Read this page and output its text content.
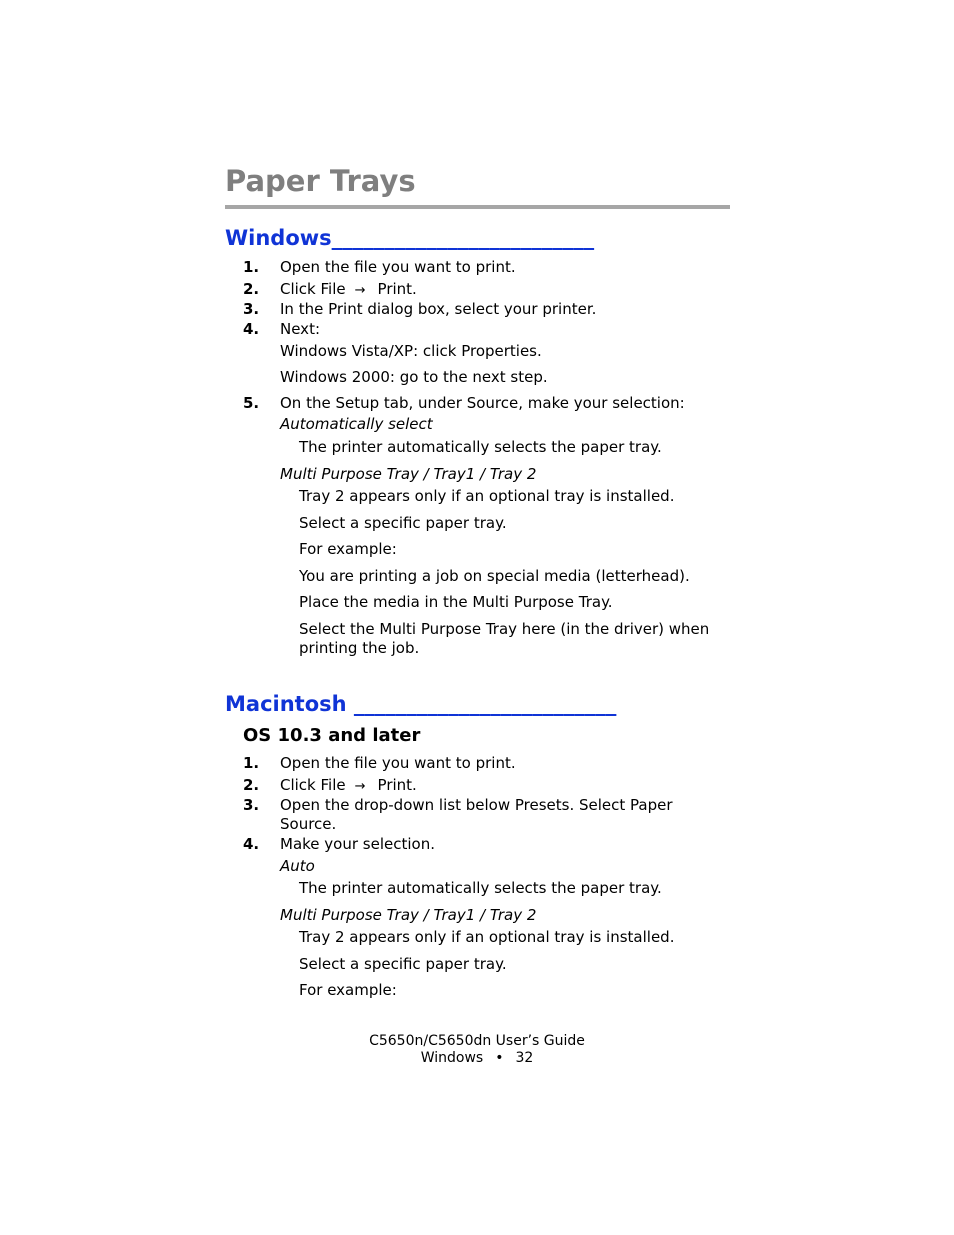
Paper Trays
Windows_________________________
1. Open the file you want to print.
2. Click File → Print.
3. In the Print dialog box, select your printer.
4. Next:
Windows Vista/XP: click Properties.
Windows 2000: go to the next step.
5. On the Setup tab, under Source, make your selection:
Automatically select
The printer automatically selects the paper tray.
Multi Purpose Tray / Tray1 / Tray 2
Tray 2 appears only if an optional tray is installed.
Select a specific paper tray.
For example:
You are printing a job on special media (letterhead).
Place the media in the Multi Purpose Tray.
Select the Multi Purpose Tray here (in the driver) when printing the job.
Macintosh _________________________
OS 10.3 and later
1. Open the file you want to print.
2. Click File → Print.
3. Open the drop-down list below Presets. Select Paper Source.
4. Make your selection.
Auto
The printer automatically selects the paper tray.
Multi Purpose Tray / Tray1 / Tray 2
Tray 2 appears only if an optional tray is installed.
Select a specific paper tray.
For example:
C5650n/C5650dn User’s Guide
Windows • 32
